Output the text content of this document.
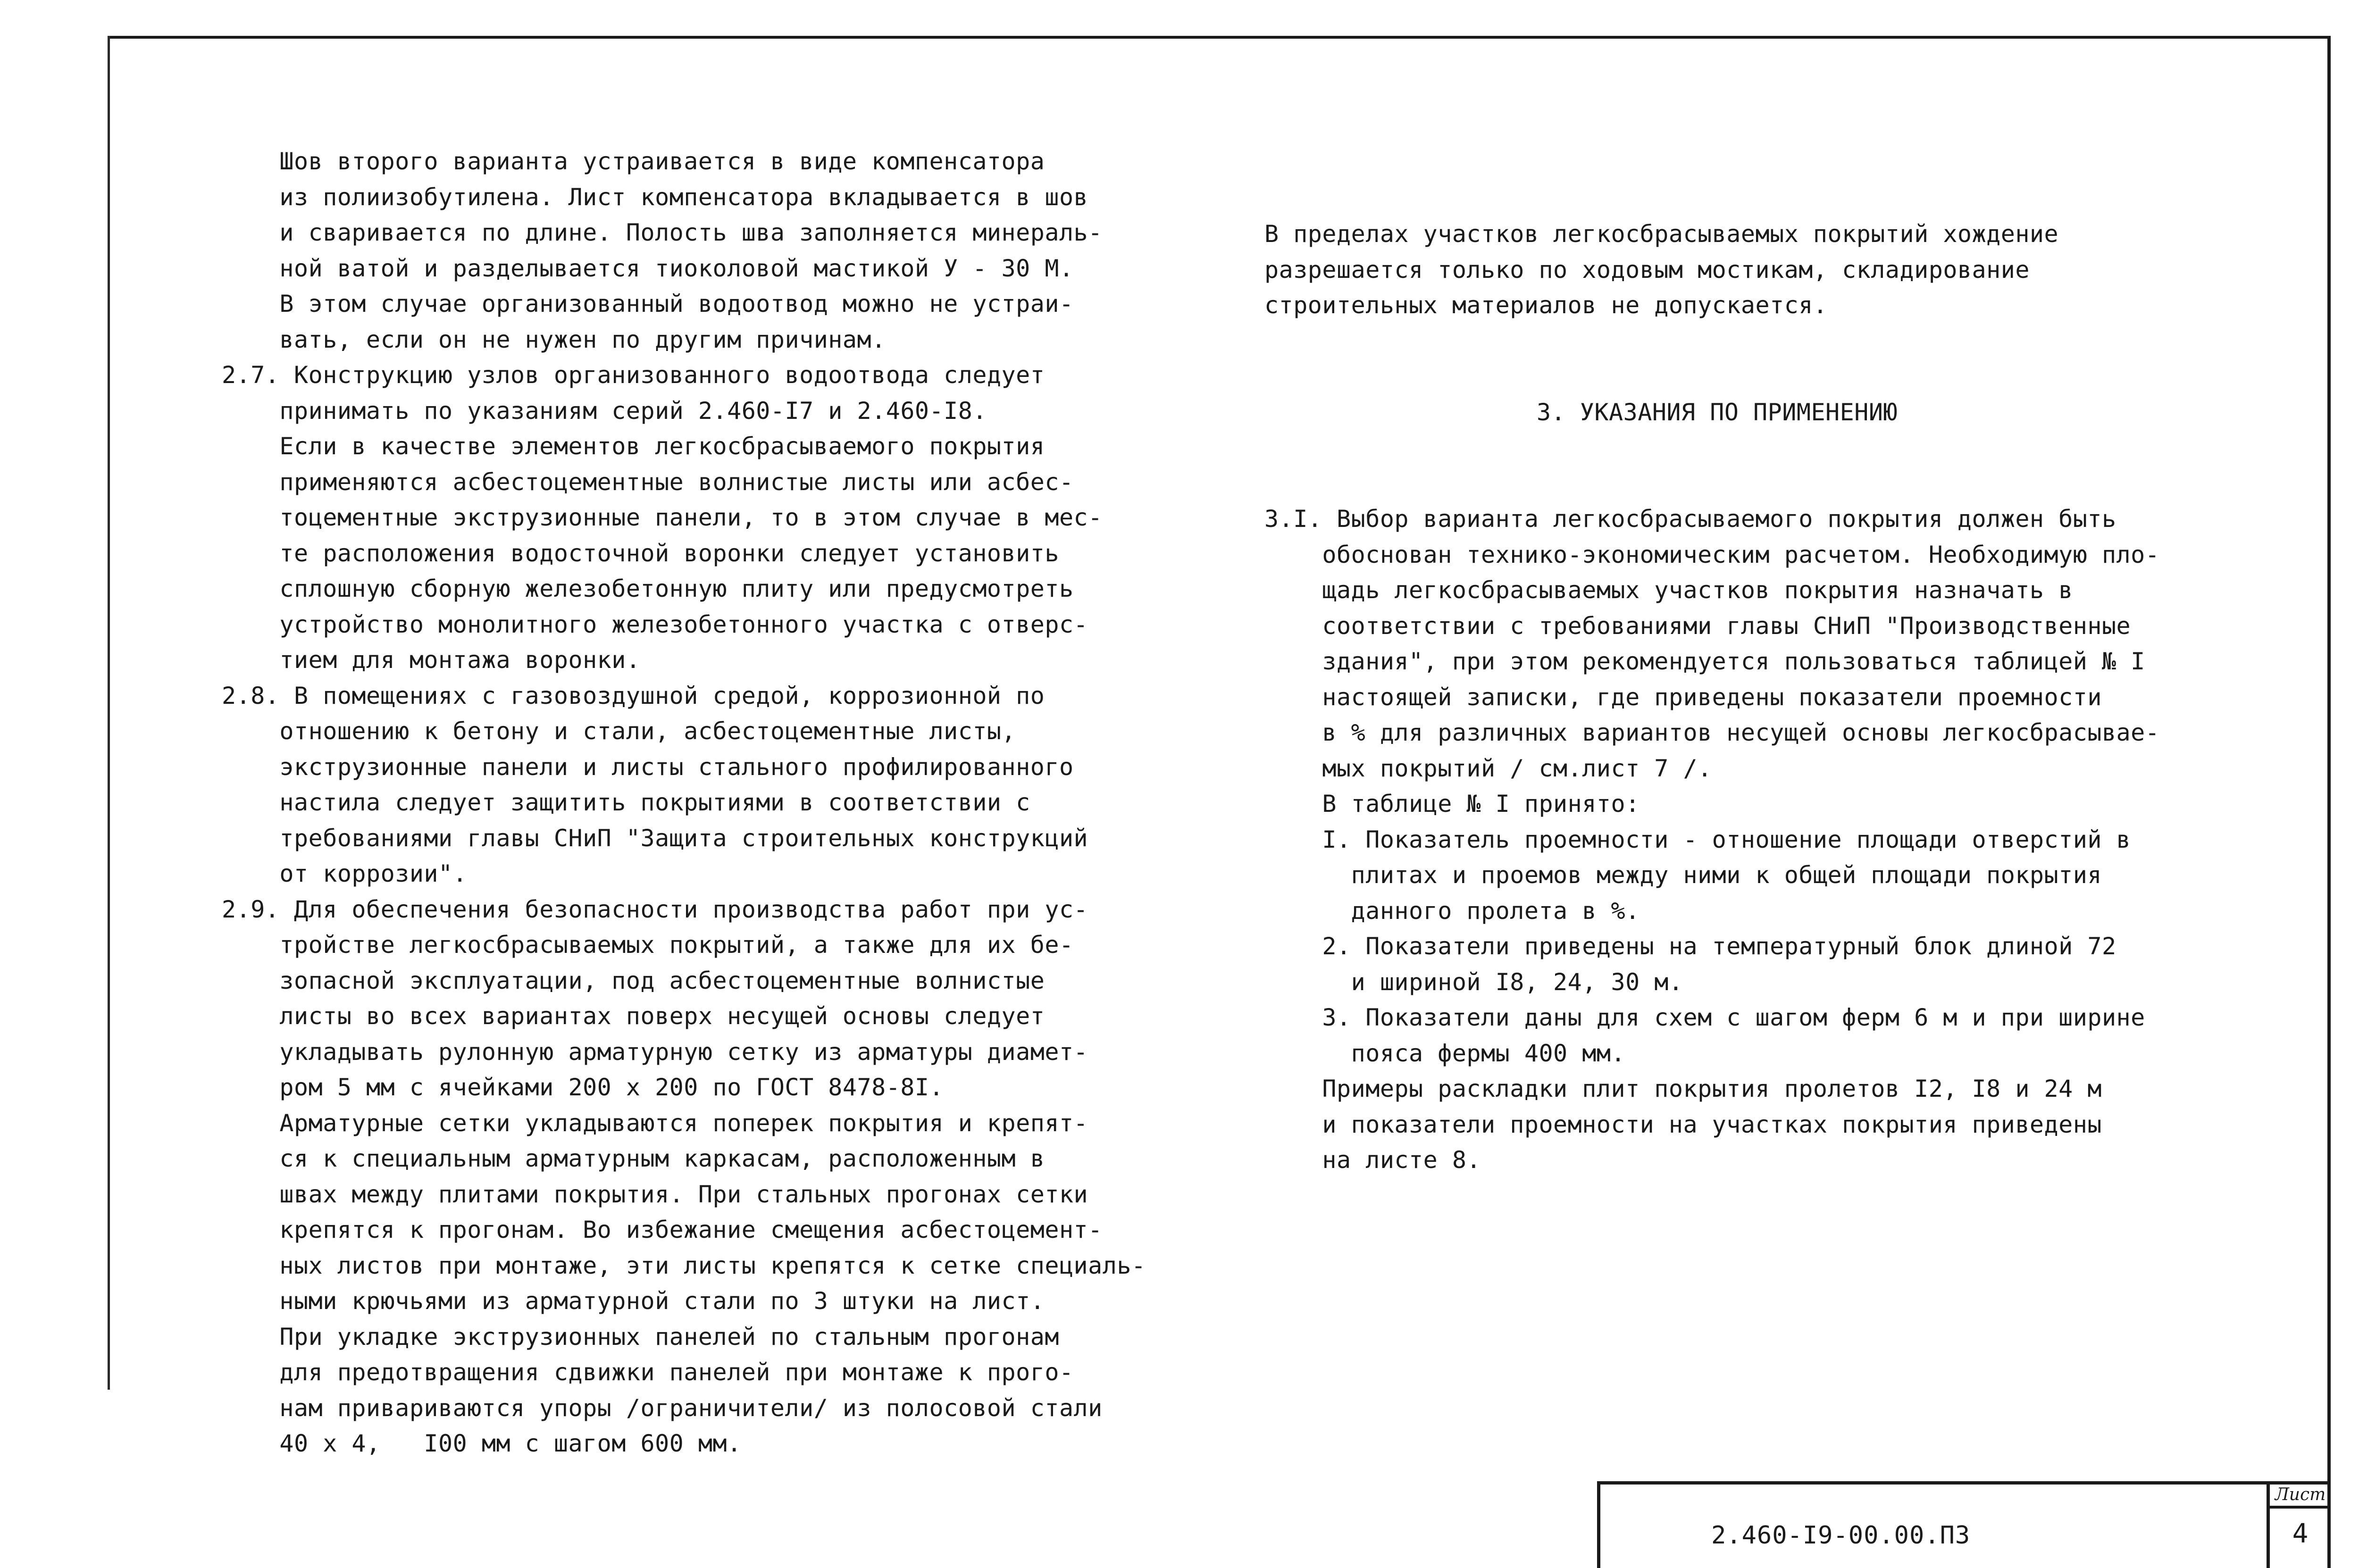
Шов второго варианта устраивается в виде компенсатора
из полиизобутилена. Лист компенсатора вкладывается в шов
и сваривается по длине. Полость шва заполняется минераль-
ной ватой и разделывается тиоколовой мастикой У - 30 М.
В этом случае организованный водоотвод можно не устраи-
вать, если он не нужен по другим причинам.
2.7. Конструкцию узлов организованного водоотвода следует
принимать по указаниям серий 2.460-I7 и 2.460-I8.
Если в качестве элементов легкосбрасываемого покрытия
применяются асбестоцементные волнистые листы или асбес-
тоцементные экструзионные панели, то в этом случае в мес-
те расположения водосточной воронки следует установить
сплошную сборную железобетонную плиту или предусмотреть
устройство монолитного железобетонного участка с отверс-
тием для монтажа воронки.
2.8. В помещениях с газовоздушной средой, коррозионной по
отношению к бетону и стали, асбестоцементные листы,
экструзионные панели и листы стального профилированного
настила следует защитить покрытиями в соответствии с
требованиями главы СНиП "Защита строительных конструкций
от коррозии".
2.9. Для обеспечения безопасности производства работ при ус-
тройстве легкосбрасываемых покрытий, а также для их бе-
зопасной эксплуатации, под асбестоцементные волнистые
листы во всех вариантах поверх несущей основы следует
укладывать рулонную арматурную сетку из арматуры диамет-
ром 5 мм с ячейками 200 х 200 по ГОСТ 8478-8I.
Арматурные сетки укладываются поперек покрытия и крепят-
ся к специальным арматурным каркасам, расположенным в
швах между плитами покрытия. При стальных прогонах сетки
крепятся к прогонам. Во избежание смещения асбестоцемент-
ных листов при монтаже, эти листы крепятся к сетке специаль-
ными крючьями из арматурной стали по 3 штуки на лист.
При укладке экструзионных панелей по стальным прогонам
для предотвращения сдвижки панелей при монтаже к прого-
нам привариваются упоры /ограничители/ из полосовой стали
40 х 4,   I00 мм с шагом 600 мм.

В пределах участков легкосбрасываемых покрытий хождение
разрешается только по ходовым мостикам, складирование
строительных материалов не допускается.

3. УКАЗАНИЯ ПО ПРИМЕНЕНИЮ

3.I. Выбор варианта легкосбрасываемого покрытия должен быть
обоснован технико-экономическим расчетом. Необходимую пло-
щадь легкосбрасываемых участков покрытия назначать в
соответствии с требованиями главы СНиП "Производственные
здания", при этом рекомендуется пользоваться таблицей № I
настоящей записки, где приведены показатели проемности
в % для различных вариантов несущей основы легкосбрасывае-
мых покрытий / см.лист 7 /.
В таблице № I принято:
I. Показатель проемности - отношение площади отверстий в
плитах и проемов между ними к общей площади покрытия
данного пролета в %.
2. Показатели приведены на температурный блок длиной 72
и шириной I8, 24, 30 м.
3. Показатели даны для схем с шагом ферм 6 м и при ширине
пояса фермы 400 мм.
Примеры раскладки плит покрытия пролетов I2, I8 и 24 м
и показатели проемности на участках покрытия приведены
на листе 8.

2.460-I9-00.00.ПЗ
Лист
4
